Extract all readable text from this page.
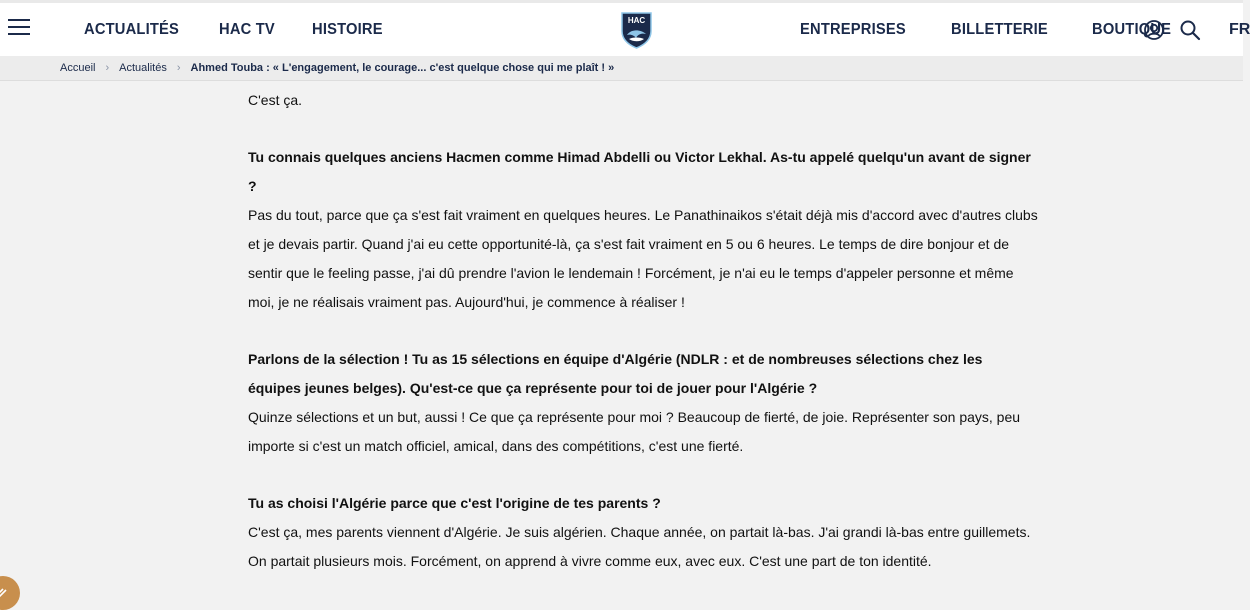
ACTUALITÉS	HAC TV HISTOIRE
HAC
ENTREPRISES	BILLETTERIE	BOUTIQUE	FR
Accueil › Actualités › Ahmed Touba : « L'engagement, le courage... c'est quelque chose qui me plaît ! »

C'est ça.

Tu connais quelques anciens Hacmen comme Himad Abdelli ou Victor Lekhal. As-tu appelé quelqu'un avant de signer ?

Pas du tout, parce que ça s'est fait vraiment en quelques heures. Le Panathinaikos s'était déjà mis d'accord avec d'autres clubs et je devais partir. Quand j'ai eu cette opportunité-là, ça s'est fait vraiment en 5 ou 6 heures. Le temps de dire bonjour et de sentir que le feeling passe, j'ai dû prendre l'avion le lendemain ! Forcément, je n'ai eu le temps d'appeler personne et même moi, je ne réalisais vraiment pas. Aujourd'hui, je commence à réaliser !

Parlons de la sélection ! Tu as 15 sélections en équipe d'Algérie (NDLR : et de nombreuses sélections chez les équipes jeunes belges). Qu'est-ce que ça représente pour toi de jouer pour l'Algérie ?

Quinze sélections et un but, aussi ! Ce que ça représente pour moi ? Beaucoup de fierté, de joie. Représenter son pays, peu importe si c'est un match officiel, amical, dans des compétitions, c'est une fierté.

Tu as choisi l'Algérie parce que c'est l'origine de tes parents ?

C'est ça, mes parents viennent d'Algérie. Je suis algérien. Chaque année, on partait là-bas. J'ai grandi là-bas entre guillemets. On partait plusieurs mois. Forcément, on apprend à vivre comme eux, avec eux. C'est une part de ton identité.
